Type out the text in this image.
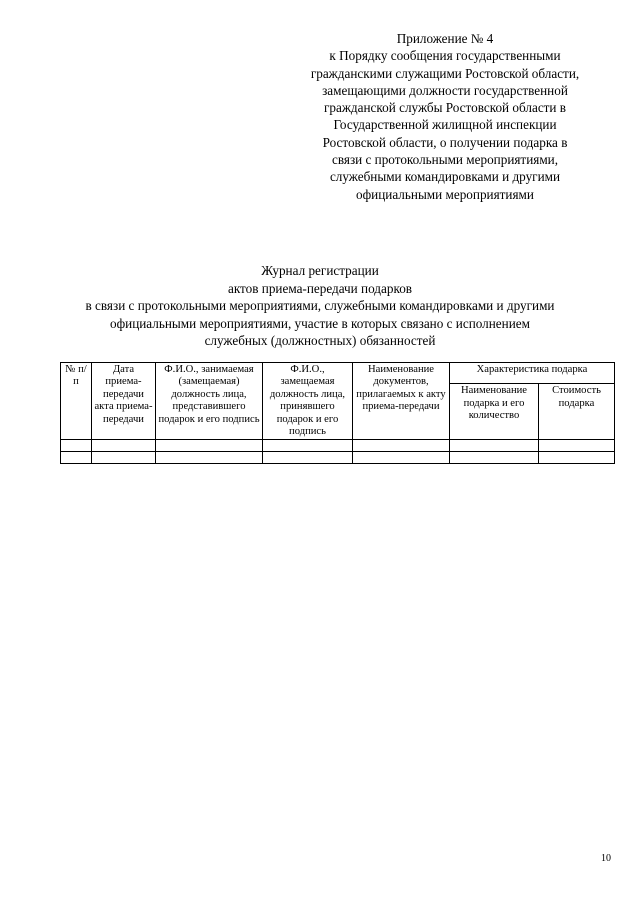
Приложение № 4
к Порядку сообщения государственными
гражданскими служащими Ростовской области,
замещающими должности государственной
гражданской службы Ростовской области в
Государственной жилищной инспекции
Ростовской области, о получении подарка в
связи с протокольными мероприятиями,
служебными командировками и другими
официальными мероприятиями
Журнал регистрации
актов приема-передачи подарков
в связи с протокольными мероприятиями, служебными командировками и другими
официальными мероприятиями, участие в которых связано с исполнением
служебных (должностных) обязанностей
№ п/п	Дата приема-передачи акта приема-передачи	Ф.И.О., занимаемая (замещаемая) должность лица, представившего подарок и его подпись	Ф.И.О., замещаемая должность лица, принявшего подарок и его подпись	Наименование документов, прилагаемых к акту приема-передачи	Характеристика подарка	
					Наименование подарка и его количество	Стоимость подарка

10
